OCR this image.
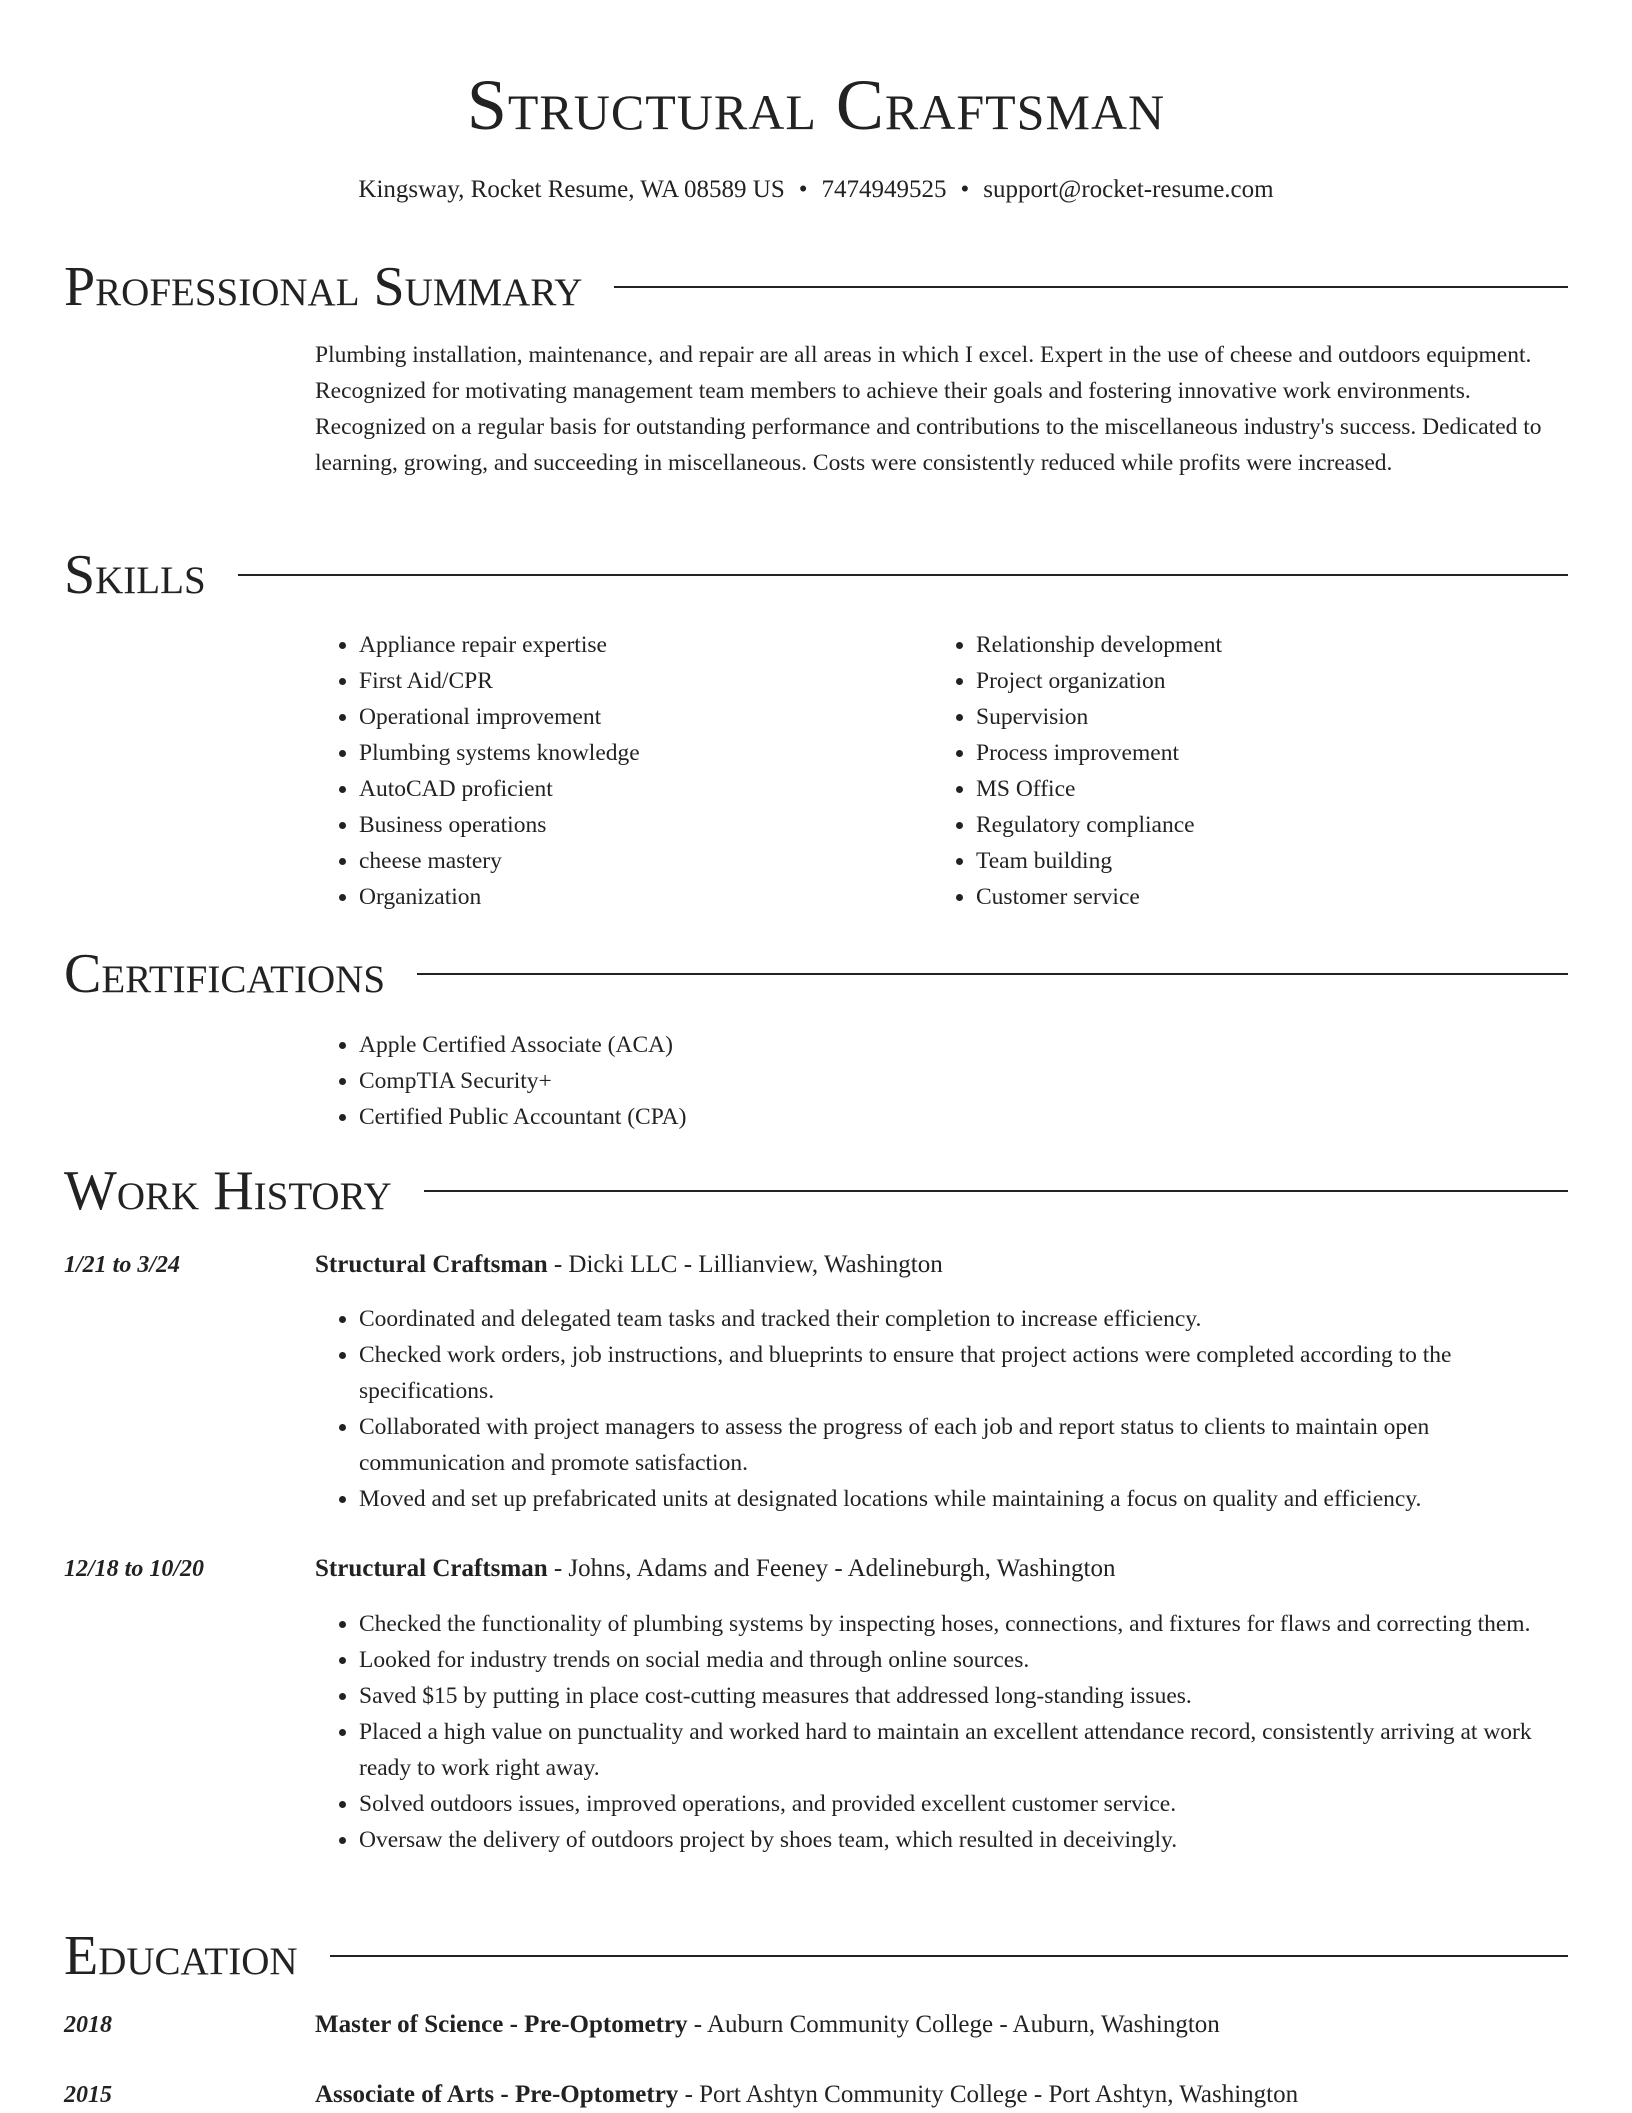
Structural Craftsman
Kingsway, Rocket Resume, WA 08589 US • 7474949525 • support@rocket-resume.com
Professional Summary

Plumbing installation, maintenance, and repair are all areas in which I excel. Expert in the use of cheese and outdoors equipment. Recognized for motivating management team members to achieve their goals and fostering innovative work environments. Recognized on a regular basis for outstanding performance and contributions to the miscellaneous industry's success. Dedicated to learning, growing, and succeeding in miscellaneous. Costs were consistently reduced while profits were increased.

Skills
• Appliance repair expertise
• First Aid/CPR
• Operational improvement
• Plumbing systems knowledge
• AutoCAD proficient
• Business operations
• cheese mastery
• Organization
• Relationship development
• Project organization
• Supervision
• Process improvement
• MS Office
• Regulatory compliance
• Team building
• Customer service
Certifications
• Apple Certified Associate (ACA)
• CompTIA Security+
• Certified Public Accountant (CPA)
Work History
1/21 to 3/24	Structural Craftsman - Dicki LLC - Lillianview, Washington
• Coordinated and delegated team tasks and tracked their completion to increase efficiency.
• Checked work orders, job instructions, and blueprints to ensure that project actions were completed according to the specifications.
• Collaborated with project managers to assess the progress of each job and report status to clients to maintain open communication and promote satisfaction.
• Moved and set up prefabricated units at designated locations while maintaining a focus on quality and efficiency.
12/18 to 10/20	Structural Craftsman - Johns, Adams and Feeney - Adelineburgh, Washington
• Checked the functionality of plumbing systems by inspecting hoses, connections, and fixtures for flaws and correcting them.
• Looked for industry trends on social media and through online sources.
• Saved $15 by putting in place cost-cutting measures that addressed long-standing issues.
• Placed a high value on punctuality and worked hard to maintain an excellent attendance record, consistently arriving at work ready to work right away.
• Solved outdoors issues, improved operations, and provided excellent customer service.
• Oversaw the delivery of outdoors project by shoes team, which resulted in deceivingly.
Education
2018	Master of Science - Pre-Optometry - Auburn Community College - Auburn, Washington
2015	Associate of Arts - Pre-Optometry - Port Ashtyn Community College - Port Ashtyn, Washington
